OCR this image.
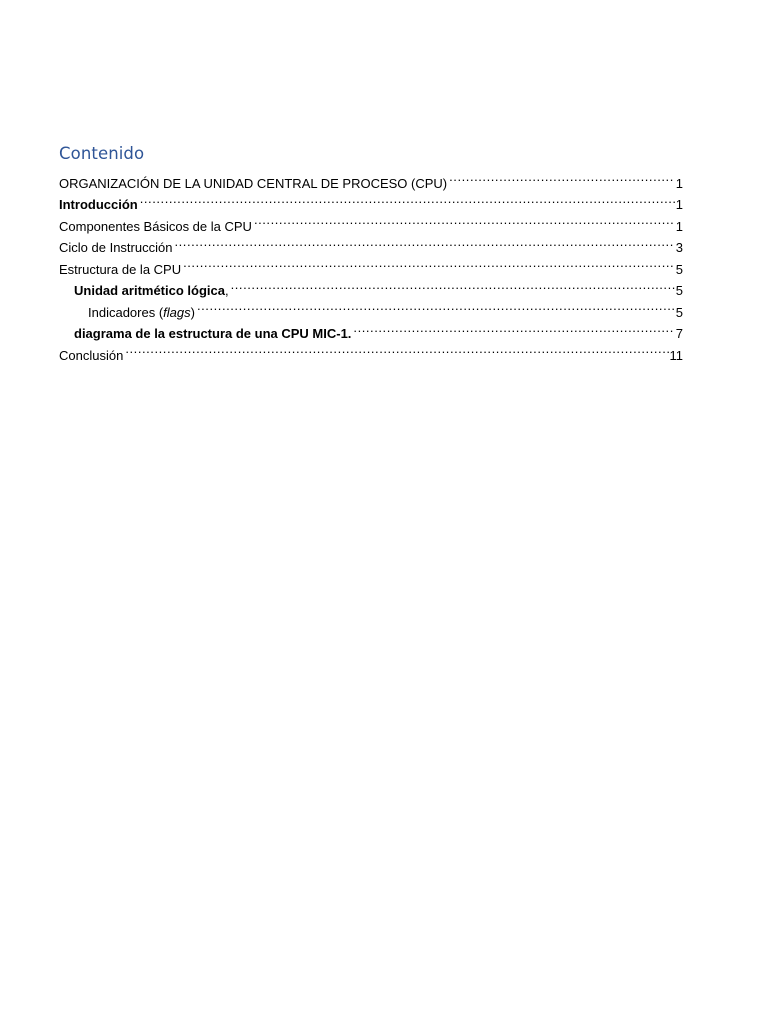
Contenido
ORGANIZACIÓN DE LA UNIDAD CENTRAL DE PROCESO (CPU) .....	1
Introducción .....	1
Componentes Básicos de la CPU .....	1
Ciclo de Instrucción .....	3
Estructura de la CPU .....	5
Unidad aritmético lógica, .....	5
Indicadores (flags) .....	5
diagrama de la estructura de una CPU MIC-1. .....	7
Conclusión .....	11
